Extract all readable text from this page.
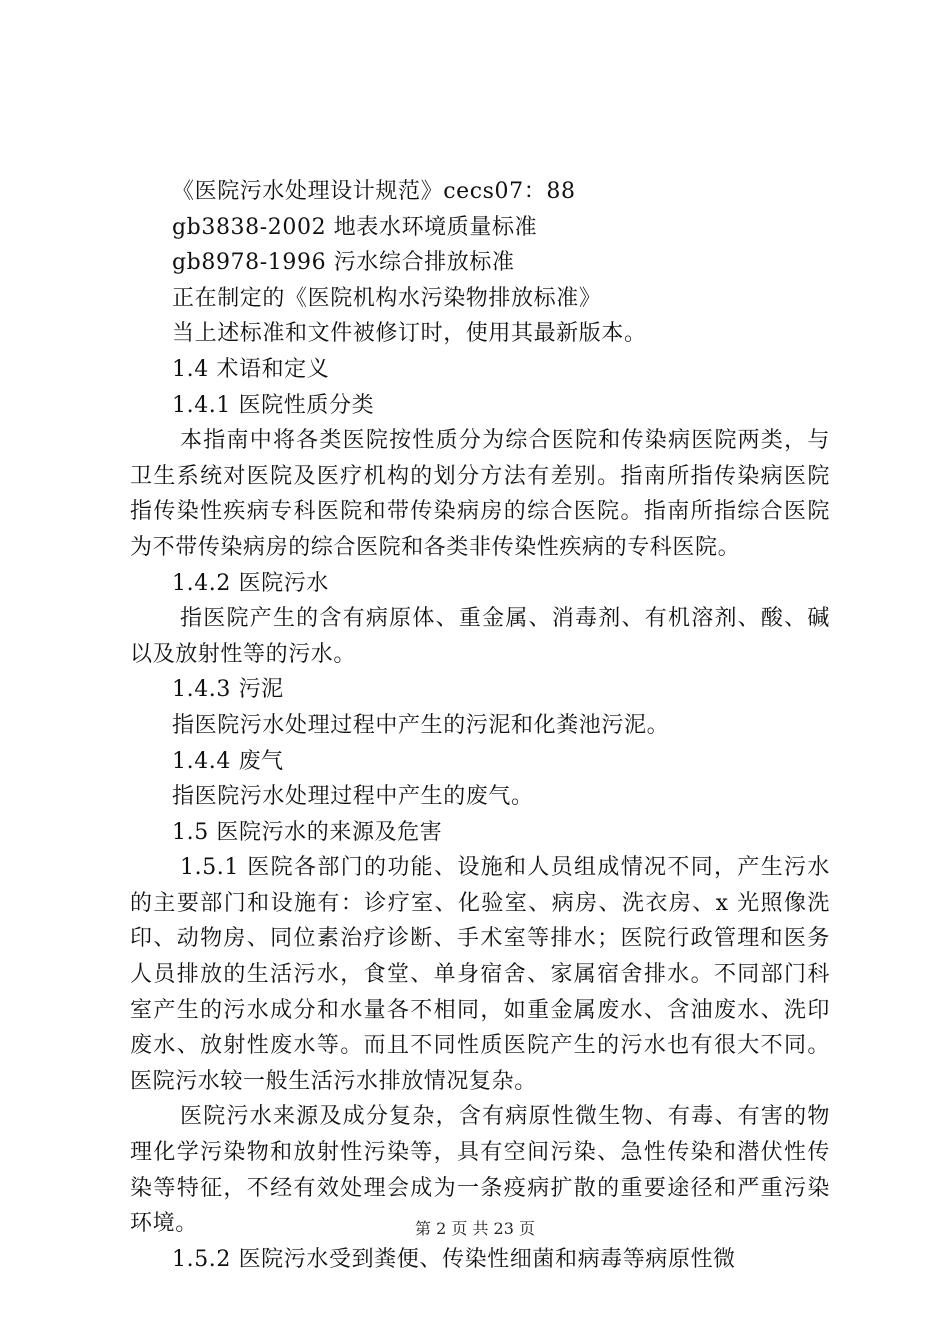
《医院污水处理设计规范》cecs07：88
gb3838-2002 地表水环境质量标准
gb8978-1996 污水综合排放标准
正在制定的《医院机构水污染物排放标准》
当上述标准和文件被修订时，使用其最新版本。
1.4 术语和定义
1.4.1 医院性质分类

本指南中将各类医院按性质分为综合医院和传染病医院两类，与卫生系统对医院及医疗机构的划分方法有差别。指南所指传染病医院指传染性疾病专科医院和带传染病房的综合医院。指南所指综合医院为不带传染病房的综合医院和各类非传染性疾病的专科医院。

1.4.2 医院污水

指医院产生的含有病原体、重金属、消毒剂、有机溶剂、酸、碱以及放射性等的污水。

1.4.3 污泥
指医院污水处理过程中产生的污泥和化粪池污泥。
1.4.4 废气
指医院污水处理过程中产生的废气。
1.5 医院污水的来源及危害

1.5.1 医院各部门的功能、设施和人员组成情况不同，产生污水的主要部门和设施有：诊疗室、化验室、病房、洗衣房、x 光照像洗印、动物房、同位素治疗诊断、手术室等排水；医院行政管理和医务人员排放的生活污水，食堂、单身宿舍、家属宿舍排水。不同部门科室产生的污水成分和水量各不相同，如重金属废水、含油废水、洗印废水、放射性废水等。而且不同性质医院产生的污水也有很大不同。医院污水较一般生活污水排放情况复杂。

医院污水来源及成分复杂，含有病原性微生物、有毒、有害的物理化学污染物和放射性污染等，具有空间污染、急性传染和潜伏性传染等特征，不经有效处理会成为一条疫病扩散的重要途径和严重污染环境。

1.5.2 医院污水受到粪便、传染性细菌和病毒等病原性微
第 2 页 共 23 页
